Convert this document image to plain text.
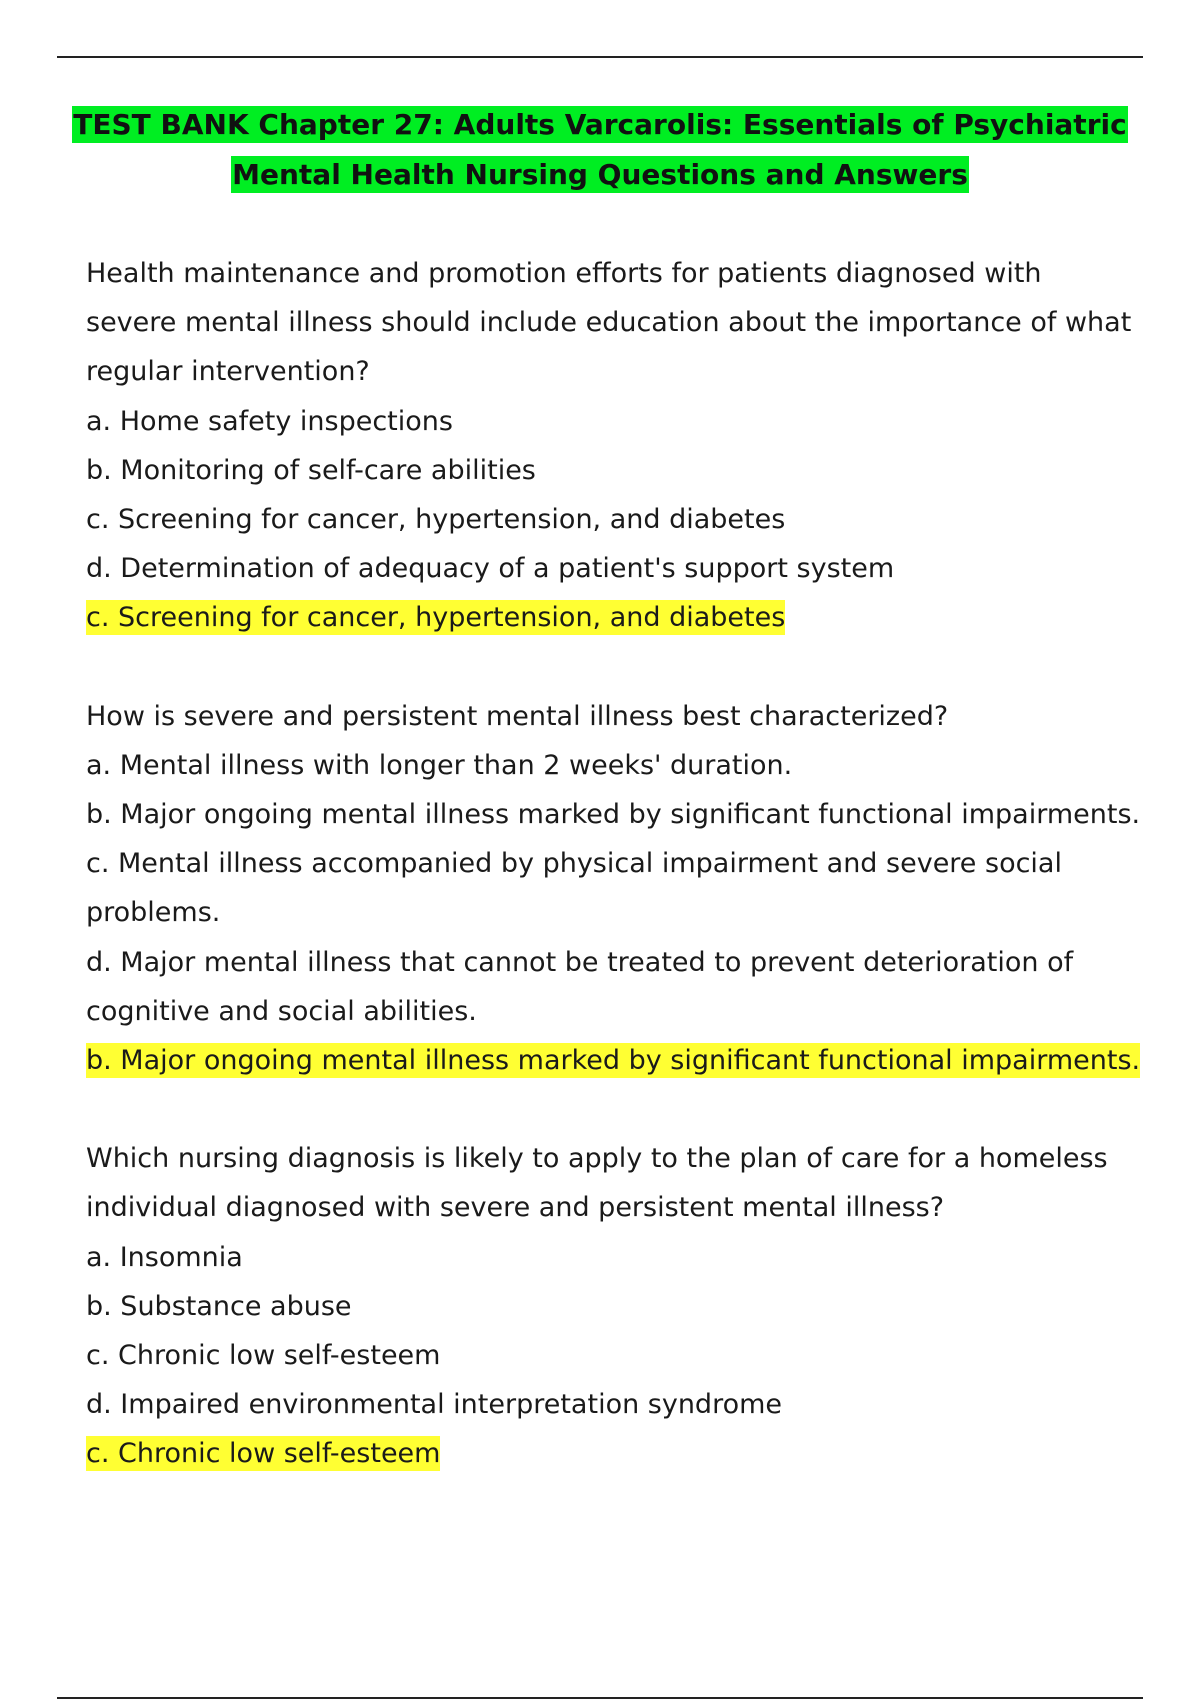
TEST BANK Chapter 27: Adults Varcarolis: Essentials of Psychiatric
Mental Health Nursing Questions and Answers
Health maintenance and promotion efforts for patients diagnosed with
severe mental illness should include education about the importance of what
regular intervention?
a. Home safety inspections
b. Monitoring of self-care abilities
c. Screening for cancer, hypertension, and diabetes
d. Determination of adequacy of a patient's support system
c. Screening for cancer, hypertension, and diabetes
How is severe and persistent mental illness best characterized?
a. Mental illness with longer than 2 weeks' duration.
b. Major ongoing mental illness marked by significant functional impairments.
c. Mental illness accompanied by physical impairment and severe social
problems.
d. Major mental illness that cannot be treated to prevent deterioration of
cognitive and social abilities.
b. Major ongoing mental illness marked by significant functional impairments.
Which nursing diagnosis is likely to apply to the plan of care for a homeless
individual diagnosed with severe and persistent mental illness?
a. Insomnia
b. Substance abuse
c. Chronic low self-esteem
d. Impaired environmental interpretation syndrome
c. Chronic low self-esteem
